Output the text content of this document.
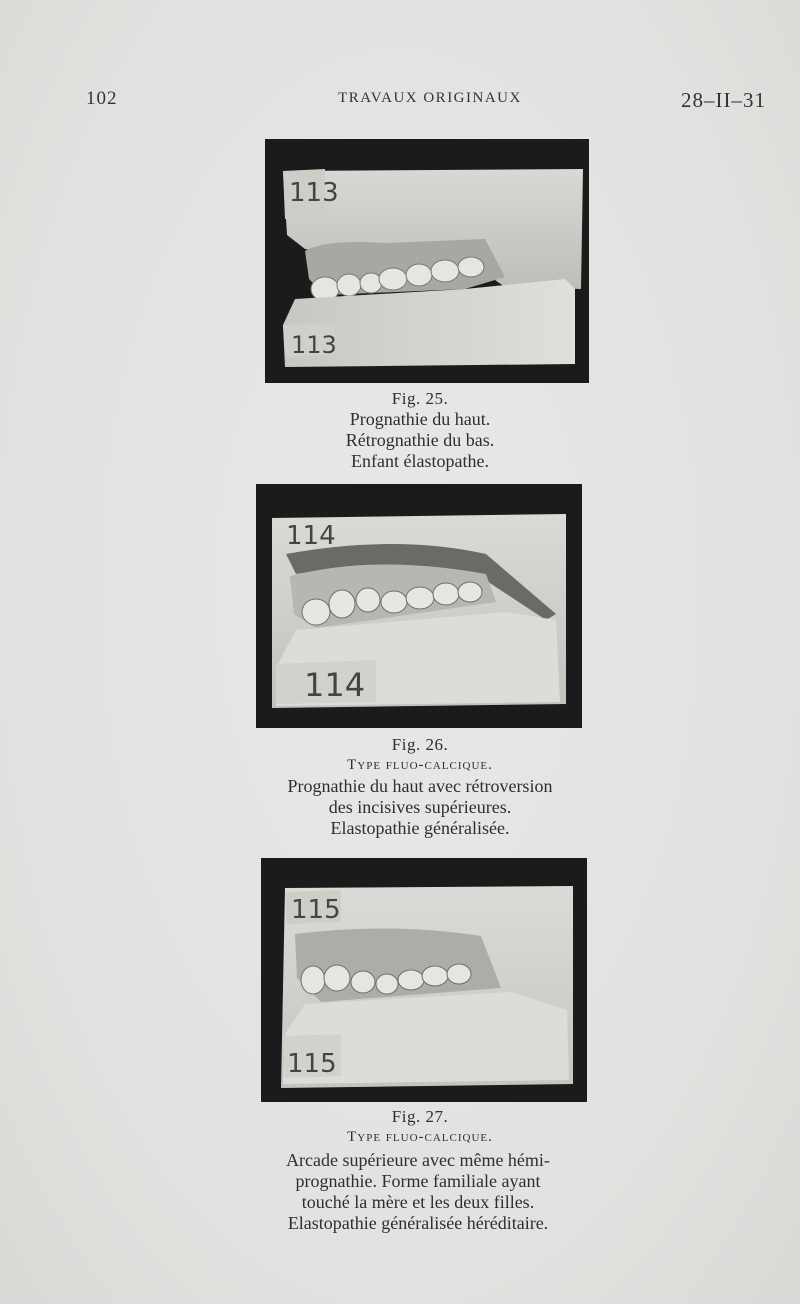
102	TRAVAUX ORIGINAUX	28–II–31
113
113
Fig. 25.
Prognathie du haut.
Rétrognathie du bas.
Enfant élastopathe.
114
114
Fig. 26.
Type fluo-calcique.
Prognathie du haut avec rétroversion
des incisives supérieures.
Elastopathie généralisée.
115
115
Fig. 27.
Type fluo-calcique.
Arcade supérieure avec même hémi-
prognathie. Forme familiale ayant
touché la mère et les deux filles.
Elastopathie généralisée héréditaire.
